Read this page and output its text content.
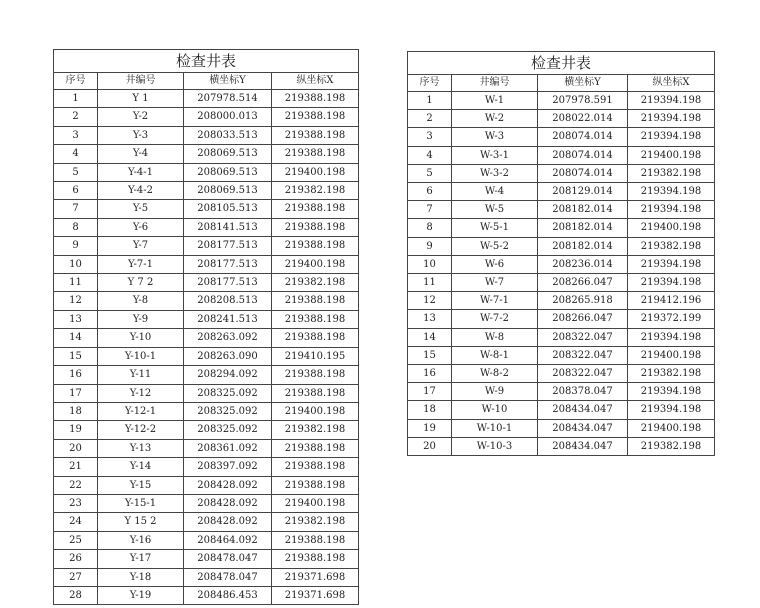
检查井表
序号	井编号	横坐标Y	纵坐标X
1	Y 1	207978.514	219388.198
2	Y-2	208000.013	219388.198
3	Y-3	208033.513	219388.198
4	Y-4	208069.513	219388.198
5	Y-4-1	208069.513	219400.198
6	Y-4-2	208069.513	219382.198
7	Y-5	208105.513	219388.198
8	Y-6	208141.513	219388.198
9	Y-7	208177.513	219388.198
10	Y-7-1	208177.513	219400.198
11	Y 7 2	208177.513	219382.198
12	Y-8	208208.513	219388.198
13	Y-9	208241.513	219388.198
14	Y-10	208263.092	219388.198
15	Y-10-1	208263.090	219410.195
16	Y-11	208294.092	219388.198
17	Y-12	208325.092	219388.198
18	Y-12-1	208325.092	219400.198
19	Y-12-2	208325.092	219382.198
20	Y-13	208361.092	219388.198
21	Y-14	208397.092	219388.198
22	Y-15	208428.092	219388.198
23	Y-15-1	208428.092	219400.198
24	Y 15 2	208428.092	219382.198
25	Y-16	208464.092	219388.198
26	Y-17	208478.047	219388.198
27	Y-18	208478.047	219371.698
28	Y-19	208486.453	219371.698
检查井表
序号	井编号	横坐标Y	纵坐标X
1	W-1	207978.591	219394.198
2	W-2	208022.014	219394.198
3	W-3	208074.014	219394.198
4	W-3-1	208074.014	219400.198
5	W-3-2	208074.014	219382.198
6	W-4	208129.014	219394.198
7	W-5	208182.014	219394.198
8	W-5-1	208182.014	219400.198
9	W-5-2	208182.014	219382.198
10	W-6	208236.014	219394.198
11	W-7	208266.047	219394.198
12	W-7-1	208265.918	219412.196
13	W-7-2	208266.047	219372.199
14	W-8	208322.047	219394.198
15	W-8-1	208322.047	219400.198
16	W-8-2	208322.047	219382.198
17	W-9	208378.047	219394.198
18	W-10	208434.047	219394.198
19	W-10-1	208434.047	219400.198
20	W-10-3	208434.047	219382.198
